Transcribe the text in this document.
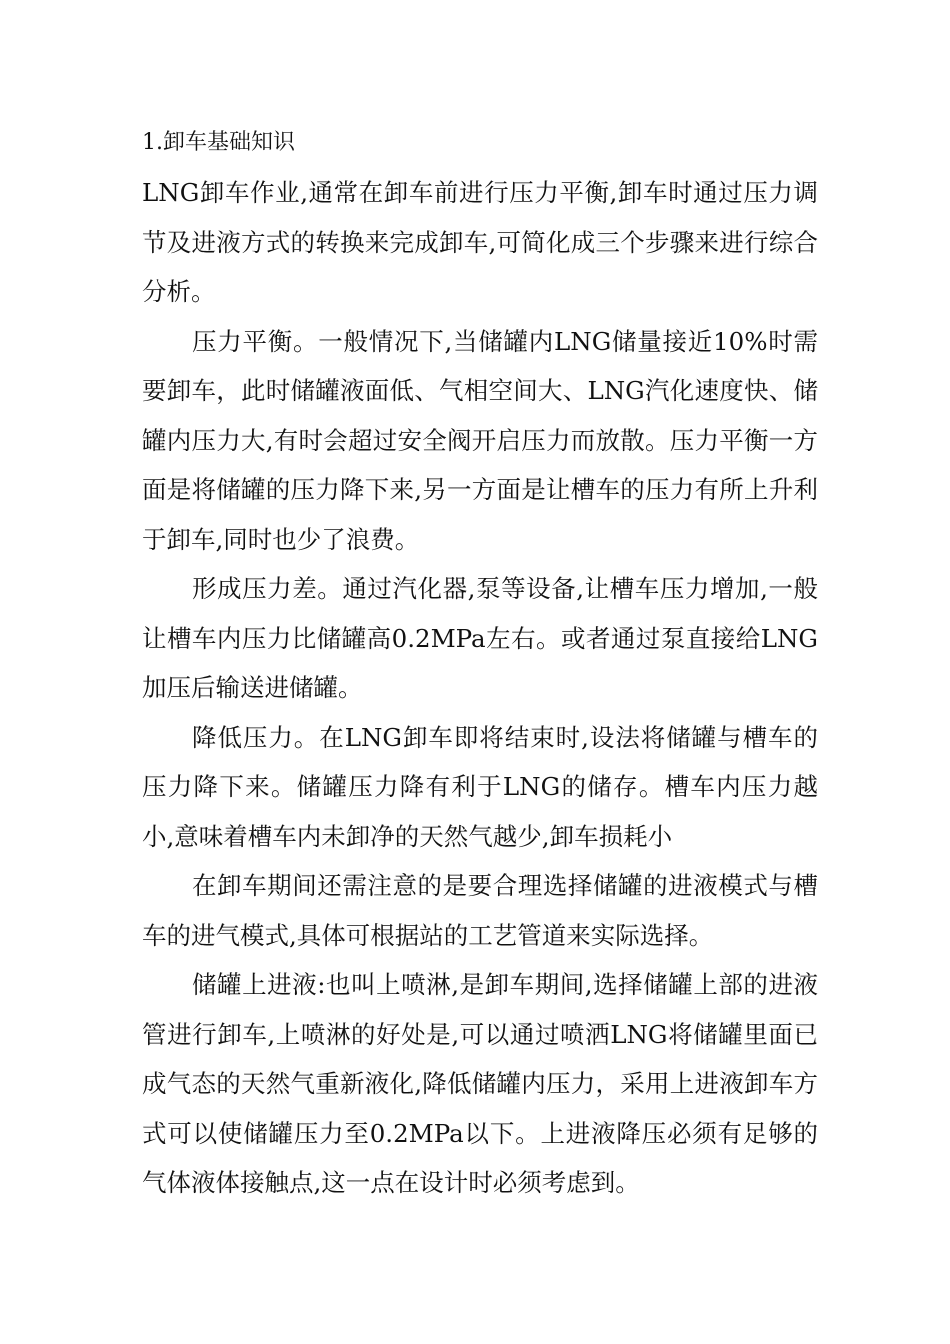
1.卸车基础知识

LNG卸车作业,通常在卸车前进行压力平衡,卸车时通过压力调节及进液方式的转换来完成卸车,可简化成三个步骤来进行综合分析。

压力平衡。一般情况下,当储罐内LNG储量接近10%时需要卸车，此时储罐液面低、气相空间大、LNG汽化速度快、储罐内压力大,有时会超过安全阀开启压力而放散。压力平衡一方面是将储罐的压力降下来,另一方面是让槽车的压力有所上升利于卸车,同时也少了浪费。

形成压力差。通过汽化器,泵等设备,让槽车压力增加,一般让槽车内压力比储罐高0.2MPa左右。或者通过泵直接给LNG加压后输送进储罐。

降低压力。在LNG卸车即将结束时,设法将储罐与槽车的压力降下来。储罐压力降有利于LNG的储存。槽车内压力越小,意味着槽车内未卸净的天然气越少,卸车损耗小

在卸车期间还需注意的是要合理选择储罐的进液模式与槽车的进气模式,具体可根据站的工艺管道来实际选择。

储罐上进液:也叫上喷淋,是卸车期间,选择储罐上部的进液管进行卸车,上喷淋的好处是,可以通过喷洒LNG将储罐里面已成气态的天然气重新液化,降低储罐内压力，采用上进液卸车方式可以使储罐压力至0.2MPa以下。上进液降压必须有足够的气体液体接触点,这一点在设计时必须考虑到。
